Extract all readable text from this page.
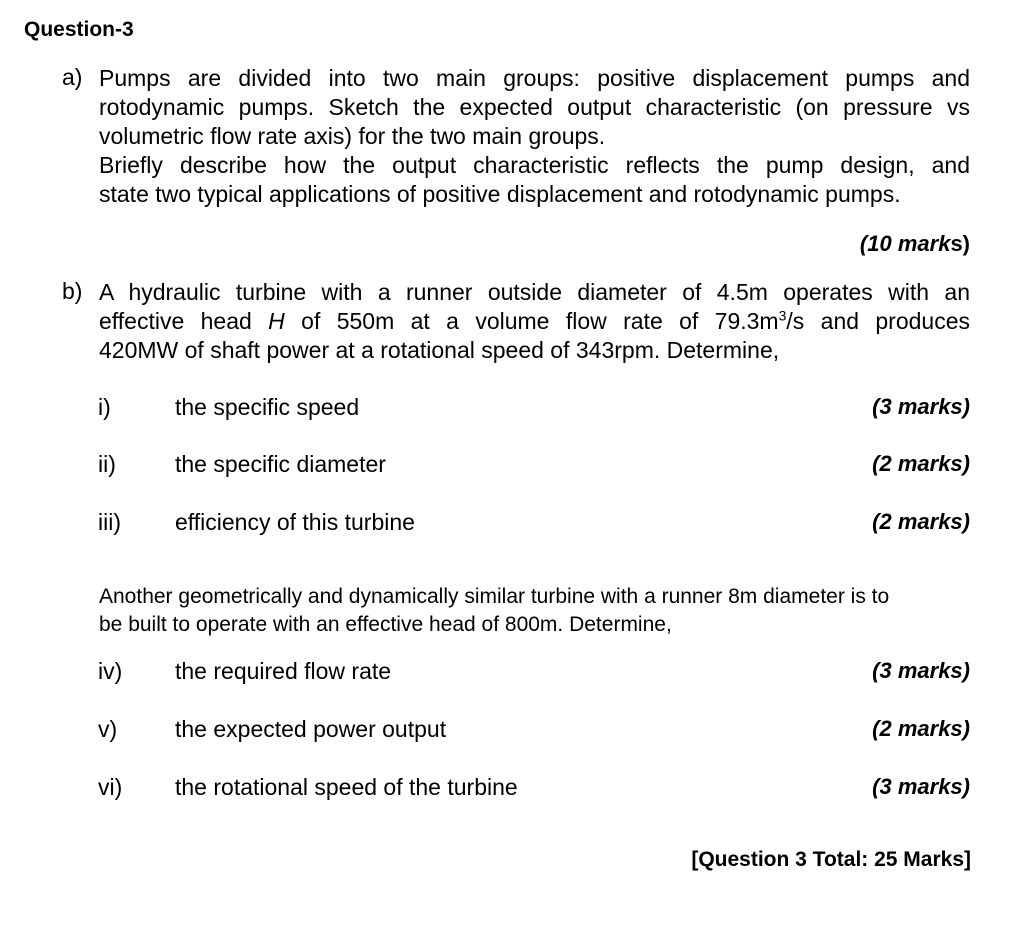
Question-3
a) Pumps are divided into two main groups: positive displacement pumps and
rotodynamic pumps. Sketch the expected output characteristic (on pressure vs
volumetric flow rate axis) for the two main groups.
Briefly describe how the output characteristic reflects the pump design, and
state two typical applications of positive displacement and rotodynamic pumps.
(10 marks)
b) A hydraulic turbine with a runner outside diameter of 4.5m operates with an
effective head H of 550m at a volume flow rate of $79.3m^3/s$ and produces
420MW of shaft power at a rotational speed of 343rpm. Determine,
i)	the specific speed	(3 marks)
ii)	the specific diameter	(2 marks)
iii) efficiency of this turbine	(2 marks)
Another geometrically and dynamically similar turbine with a runner 8m diameter is to
be built to operate with an effective head of 800m. Determine,
iv) the required flow rate	(3 marks)
v)	the expected power output	(2 marks)
vi) the rotational speed of the turbine	(3 marks)
[Question 3 Total: 25 Marks]
